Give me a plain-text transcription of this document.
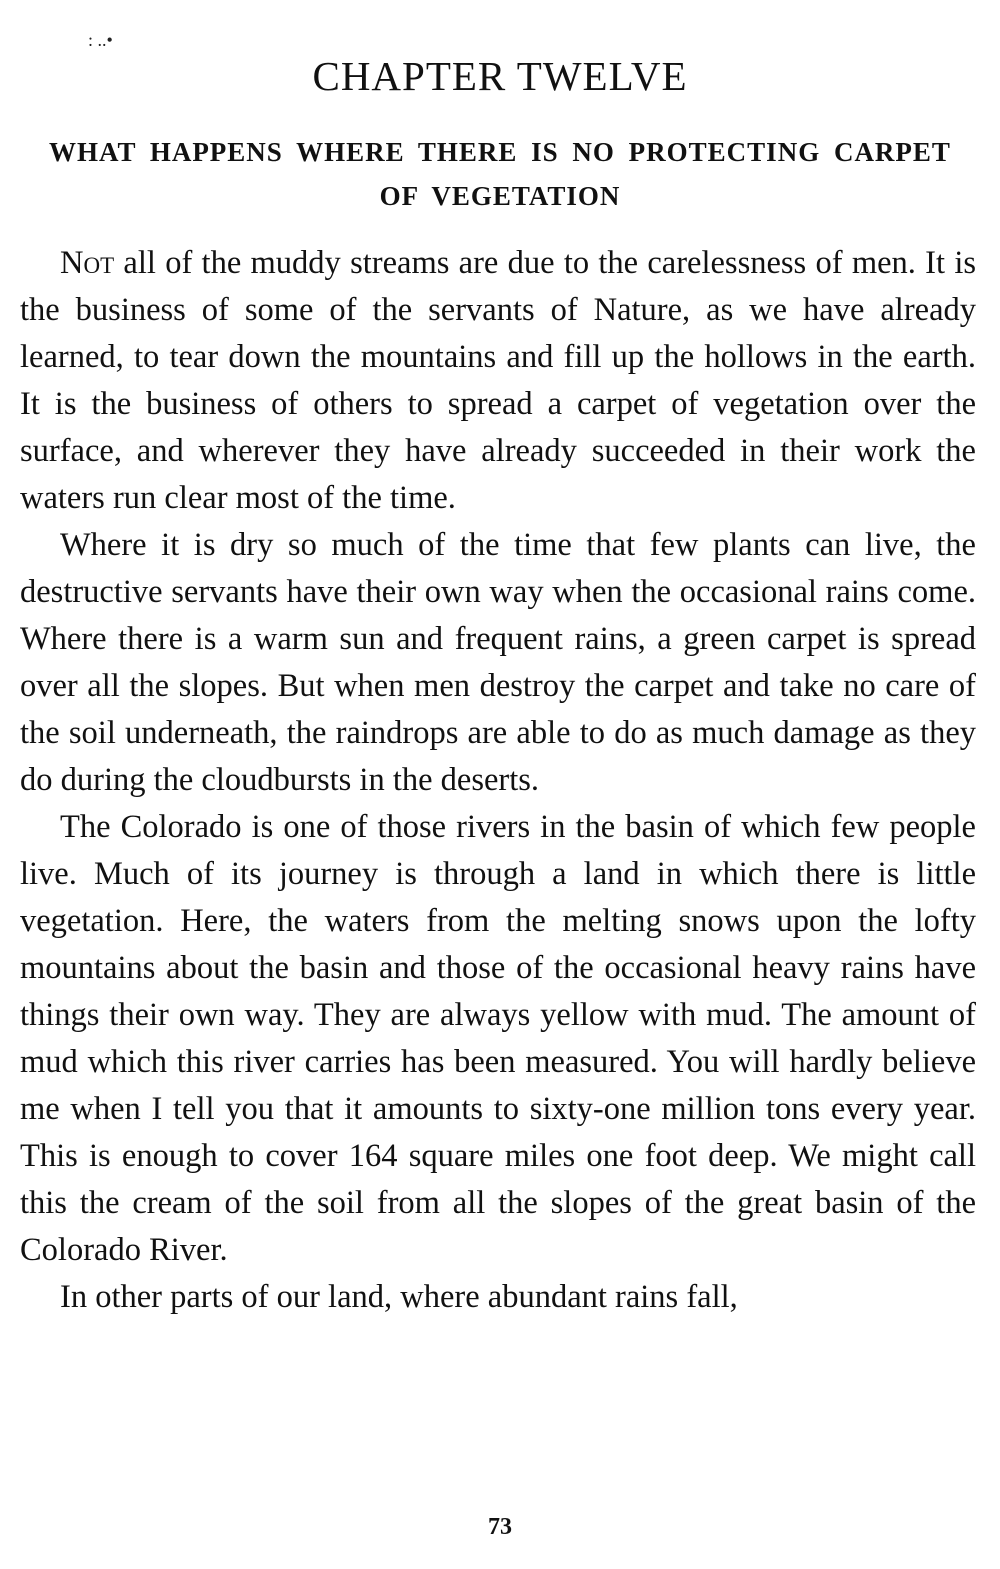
: ..•
CHAPTER TWELVE
WHAT HAPPENS WHERE THERE IS NO PROTECTING CARPET OF VEGETATION

Not all of the muddy streams are due to the carelessness of men. It is the business of some of the servants of Nature, as we have already learned, to tear down the mountains and fill up the hollows in the earth. It is the business of others to spread a carpet of vegetation over the surface, and wherever they have already succeeded in their work the waters run clear most of the time.

Where it is dry so much of the time that few plants can live, the destructive servants have their own way when the occasional rains come. Where there is a warm sun and frequent rains, a green carpet is spread over all the slopes. But when men destroy the carpet and take no care of the soil underneath, the raindrops are able to do as much damage as they do during the cloudbursts in the deserts.

The Colorado is one of those rivers in the basin of which few people live. Much of its journey is through a land in which there is little vegetation. Here, the waters from the melting snows upon the lofty mountains about the basin and those of the occasional heavy rains have things their own way. They are always yellow with mud. The amount of mud which this river carries has been measured. You will hardly believe me when I tell you that it amounts to sixty-one million tons every year. This is enough to cover 164 square miles one foot deep. We might call this the cream of the soil from all the slopes of the great basin of the Colorado River.

In other parts of our land, where abundant rains fall,

73
